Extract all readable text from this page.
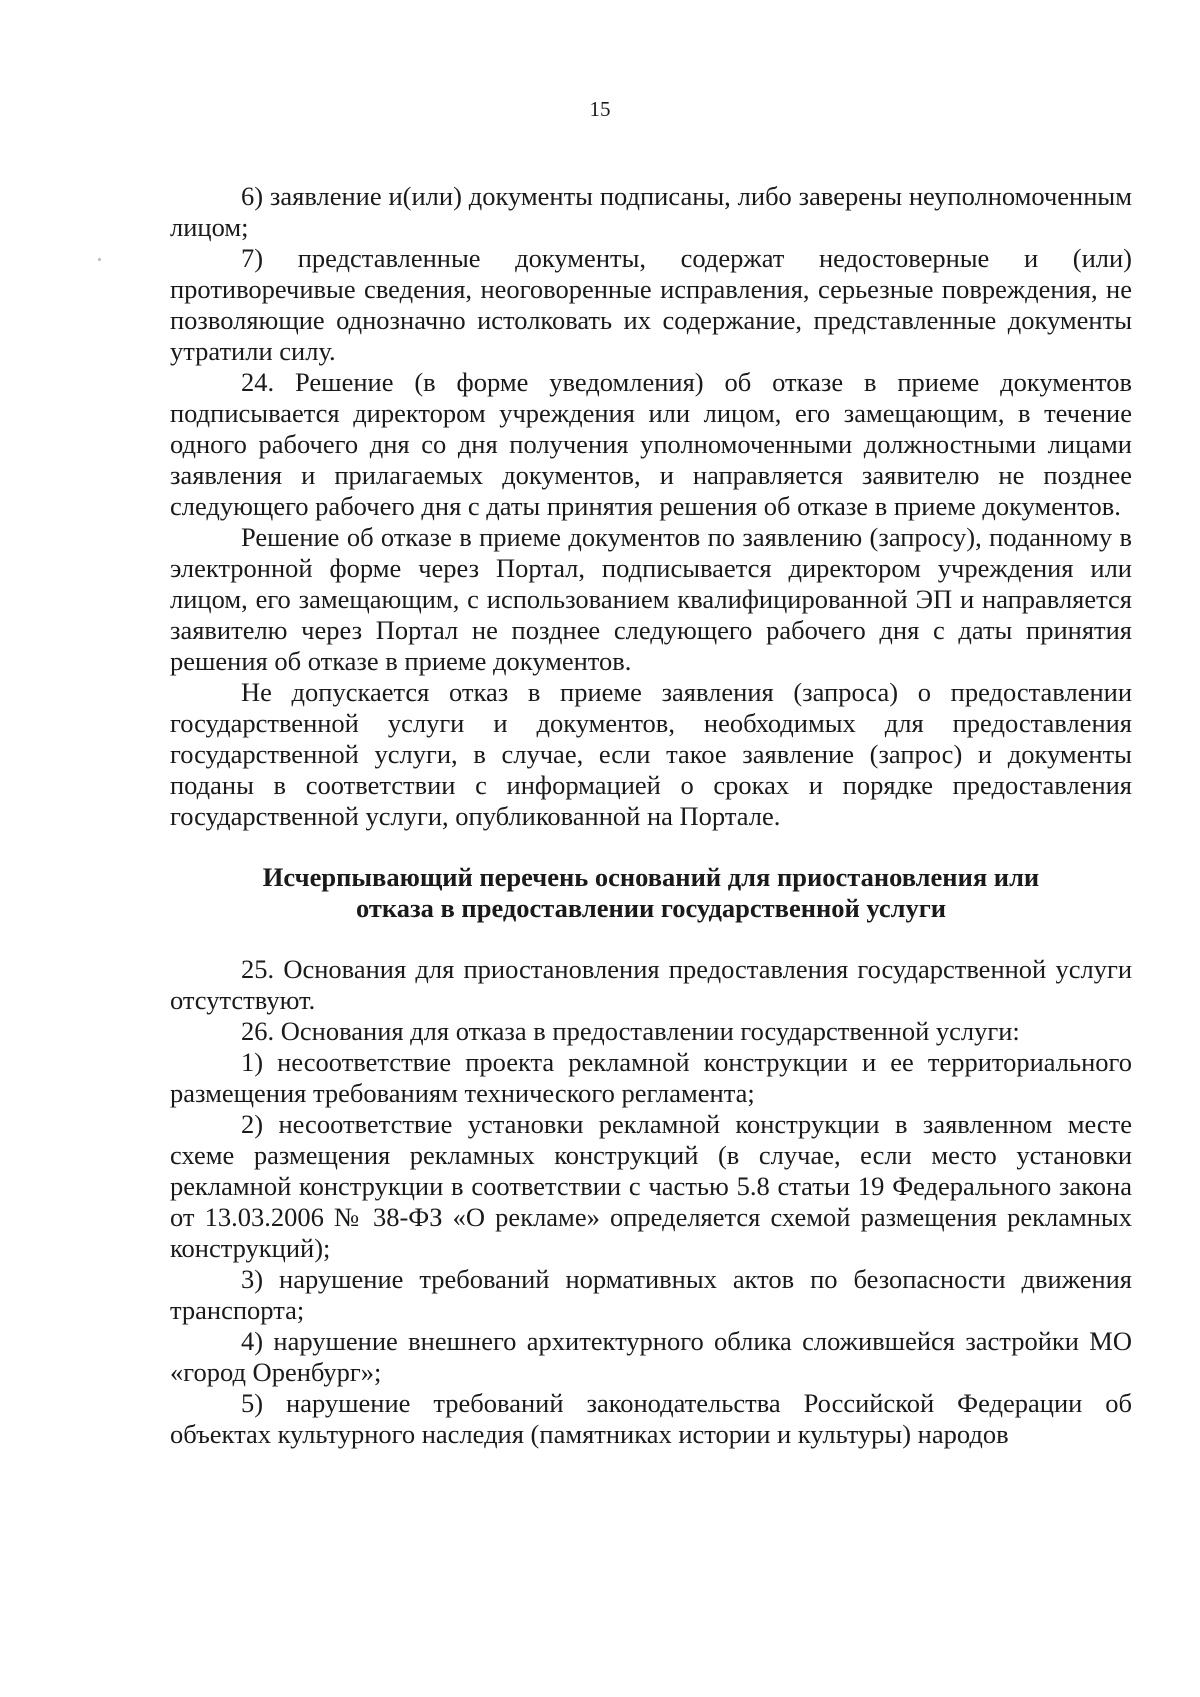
15

6) заявление и(или) документы подписаны, либо заверены неуполномоченным лицом;

7) представленные документы, содержат недостоверные и (или) противоречивые сведения, неоговоренные исправления, серьезные повреждения, не позволяющие однозначно истолковать их содержание, представленные документы утратили силу.

24. Решение (в форме уведомления) об отказе в приеме документов подписывается директором учреждения или лицом, его замещающим, в течение одного рабочего дня со дня получения уполномоченными должностными лицами заявления и прилагаемых документов, и направляется заявителю не позднее следующего рабочего дня с даты принятия решения об отказе в приеме документов.

Решение об отказе в приеме документов по заявлению (запросу), поданному в электронной форме через Портал, подписывается директором учреждения или лицом, его замещающим, с использованием квалифицированной ЭП и направляется заявителю через Портал не позднее следующего рабочего дня с даты принятия решения об отказе в приеме документов.

Не допускается отказ в приеме заявления (запроса) о предоставлении государственной услуги и документов, необходимых для предоставления государственной услуги, в случае, если такое заявление (запрос) и документы поданы в соответствии с информацией о сроках и порядке предоставления государственной услуги, опубликованной на Портале.

Исчерпывающий перечень оснований для приостановления или

отказа в предоставлении государственной услуги

25. Основания для приостановления предоставления государственной услуги отсутствуют.

26. Основания для отказа в предоставлении государственной услуги:

1) несоответствие проекта рекламной конструкции и ее территориального размещения требованиям технического регламента;

2) несоответствие установки рекламной конструкции в заявленном месте схеме размещения рекламных конструкций (в случае, если место установки рекламной конструкции в соответствии с частью 5.8 статьи 19 Федерального закона от 13.03.2006 № 38-ФЗ «О рекламе» определяется схемой размещения рекламных конструкций);

3) нарушение требований нормативных актов по безопасности движения транспорта;

4) нарушение внешнего архитектурного облика сложившейся застройки МО «город Оренбург»;

5) нарушение требований законодательства Российской Федерации об объектах культурного наследия (памятниках истории и культуры) народов
